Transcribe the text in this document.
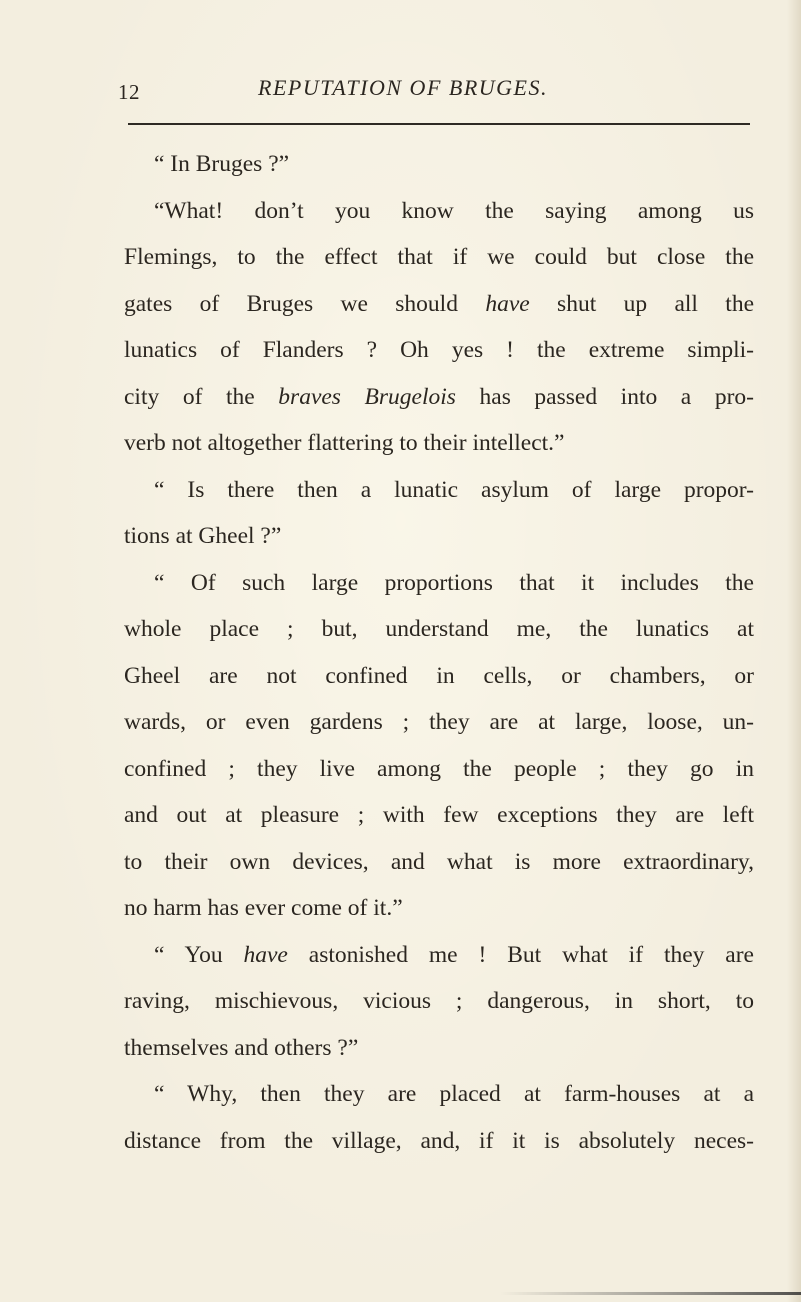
12	REPUTATION OF BRUGES.
“ In Bruges ?”
“What! don’t you know the saying among us
Flemings, to the effect that if we could but close the
gates of Bruges we should have shut up all the
lunatics of Flanders ? Oh yes ! the extreme simpli-
city of the braves Brugelois has passed into a pro-
verb not altogether flattering to their intellect.”
“ Is there then a lunatic asylum of large propor-
tions at Gheel ?”
“ Of such large proportions that it includes the
whole place ; but, understand me, the lunatics at
Gheel are not confined in cells, or chambers, or
wards, or even gardens ; they are at large, loose, un-
confined ; they live among the people ; they go in
and out at pleasure ; with few exceptions they are left
to their own devices, and what is more extraordinary,
no harm has ever come of it.”
“ You have astonished me ! But what if they are
raving, mischievous, vicious ; dangerous, in short, to
themselves and others ?”
“ Why, then they are placed at farm-houses at a
distance from the village, and, if it is absolutely neces-
